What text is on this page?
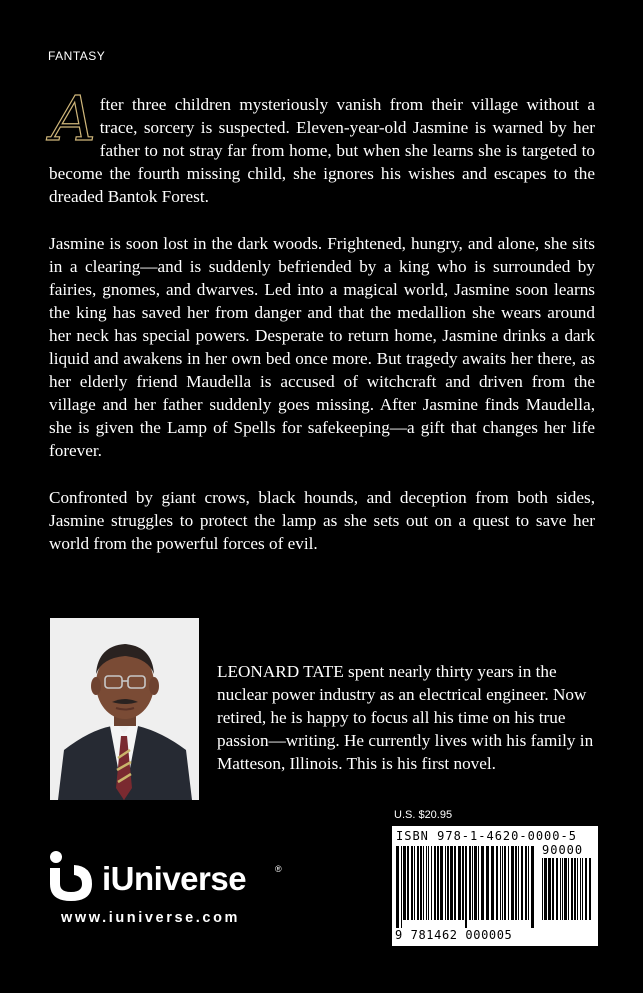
FANTASY

A fter three children mysteriously vanish from their village without a trace, sorcery is suspected. Eleven-year-old Jasmine is warned by her father to not stray far from home, but when she learns she is targeted to become the fourth missing child, she ignores his wishes and escapes to the dreaded Bantok Forest.

Jasmine is soon lost in the dark woods. Frightened, hungry, and alone, she sits in a clearing—and is suddenly befriended by a king who is surrounded by fairies, gnomes, and dwarves. Led into a magical world, Jasmine soon learns the king has saved her from danger and that the medallion she wears around her neck has special powers. Desperate to return home, Jasmine drinks a dark liquid and awakens in her own bed once more. But tragedy awaits her there, as her elderly friend Maudella is accused of witchcraft and driven from the village and her father suddenly goes missing. After Jasmine finds Maudella, she is given the Lamp of Spells for safekeeping—a gift that changes her life forever.

Confronted by giant crows, black hounds, and deception from both sides, Jasmine struggles to protect the lamp as she sets out on a quest to save her world from the powerful forces of evil.

LEONARD TATE spent nearly thirty years in the nuclear power industry as an electrical engineer. Now retired, he is happy to focus all his time on his true passion—writing. He currently lives with his family in Matteson, Illinois. This is his first novel.
U.S. $20.95
ISBN 978-1-4620-0000-5
9 781462 000005
90000
iUniverse	®
www.iuniverse.com
